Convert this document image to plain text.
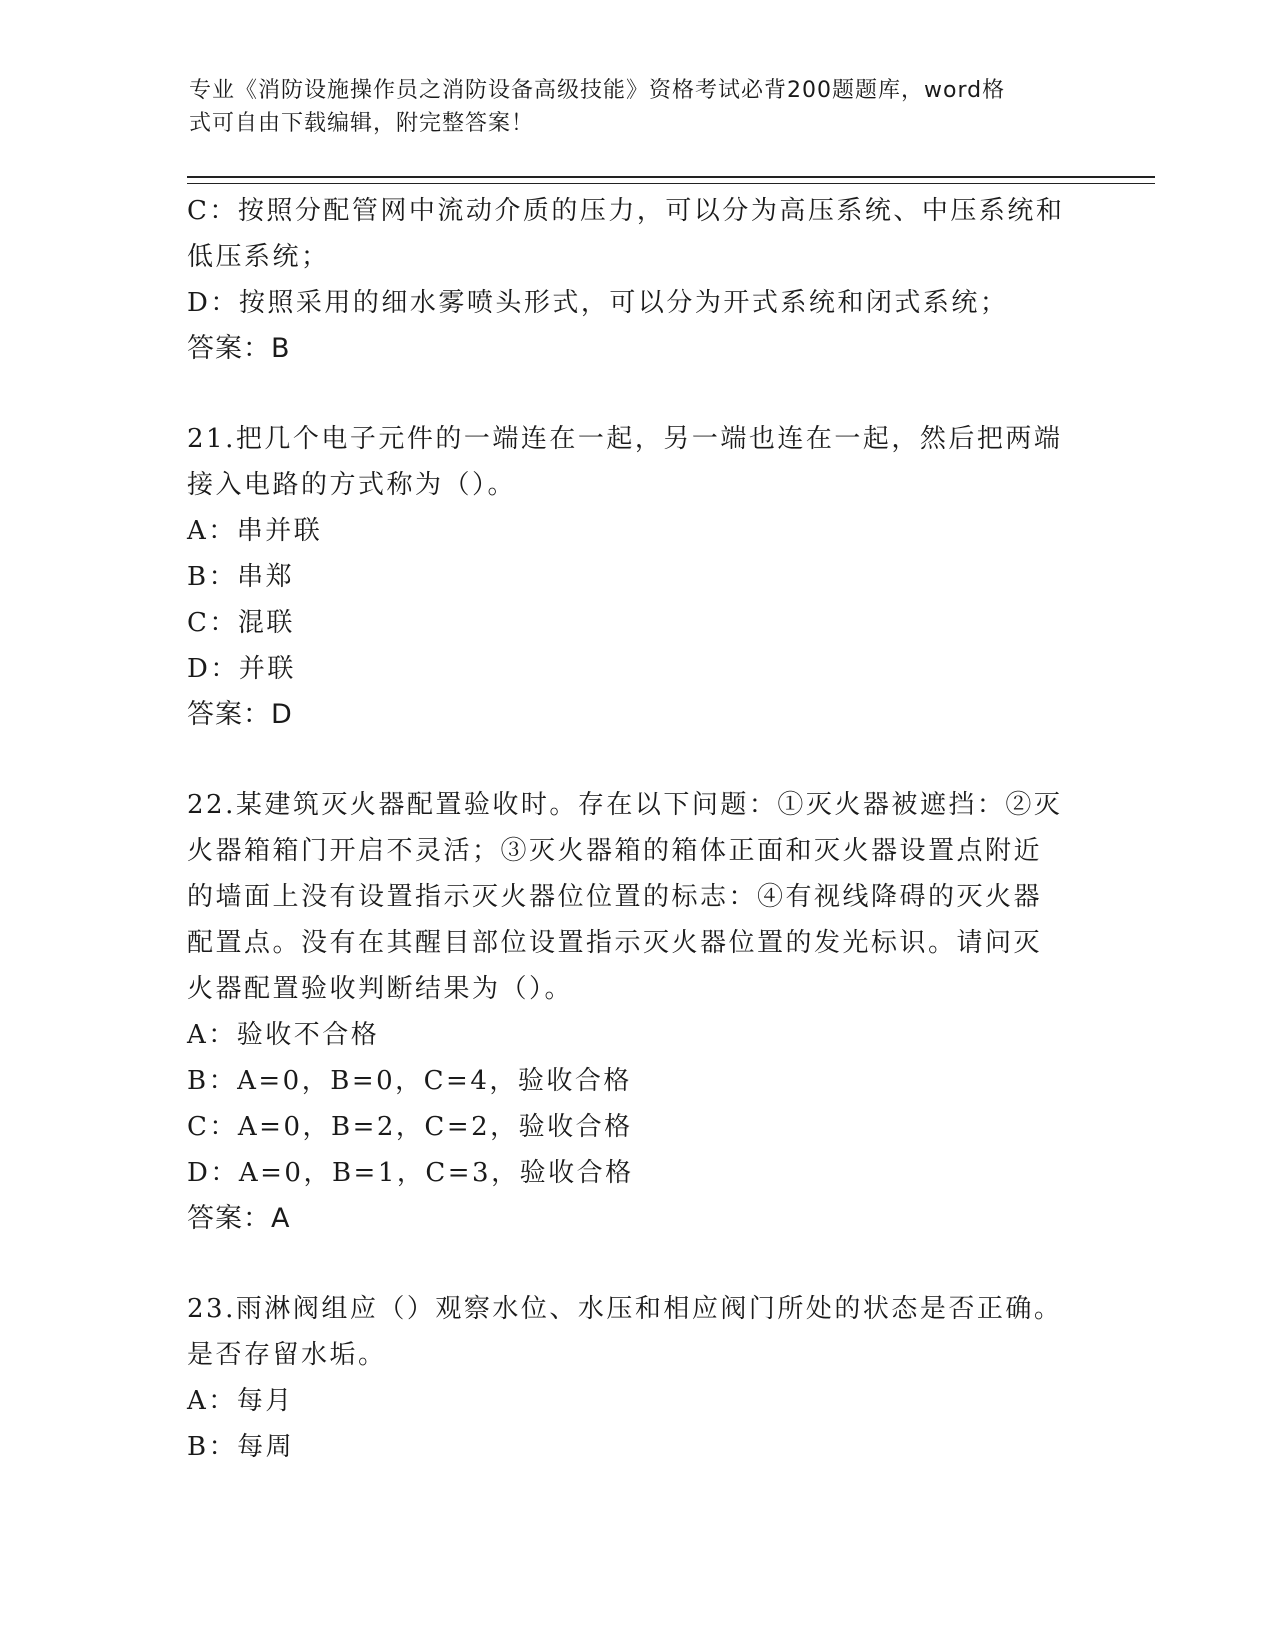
专业《消防设施操作员之消防设备高级技能》资格考试必背200题题库，word格
式可自由下载编辑，附完整答案！
C：按照分配管网中流动介质的压力，可以分为高压系统、中压系统和
低压系统；
D：按照采用的细水雾喷头形式，可以分为开式系统和闭式系统；
答案：B
21.把几个电子元件的一端连在一起，另一端也连在一起，然后把两端
接入电路的方式称为（）。
A：串并联
B：串郑
C：混联
D：并联
答案：D
22.某建筑灭火器配置验收时。存在以下问题：①灭火器被遮挡：②灭
火器箱箱门开启不灵活；③灭火器箱的箱体正面和灭火器设置点附近
的墙面上没有设置指示灭火器位位置的标志：④有视线降碍的灭火器
配置点。没有在其醒目部位设置指示灭火器位置的发光标识。请问灭
火器配置验收判断结果为（）。
A：验收不合格
B：A=0，B=0，C=4，验收合格
C：A=0，B=2，C=2，验收合格
D：A=0，B=1，C=3，验收合格
答案：A
23.雨淋阀组应（）观察水位、水压和相应阀门所处的状态是否正确。
是否存留水垢。
A：每月
B：每周
